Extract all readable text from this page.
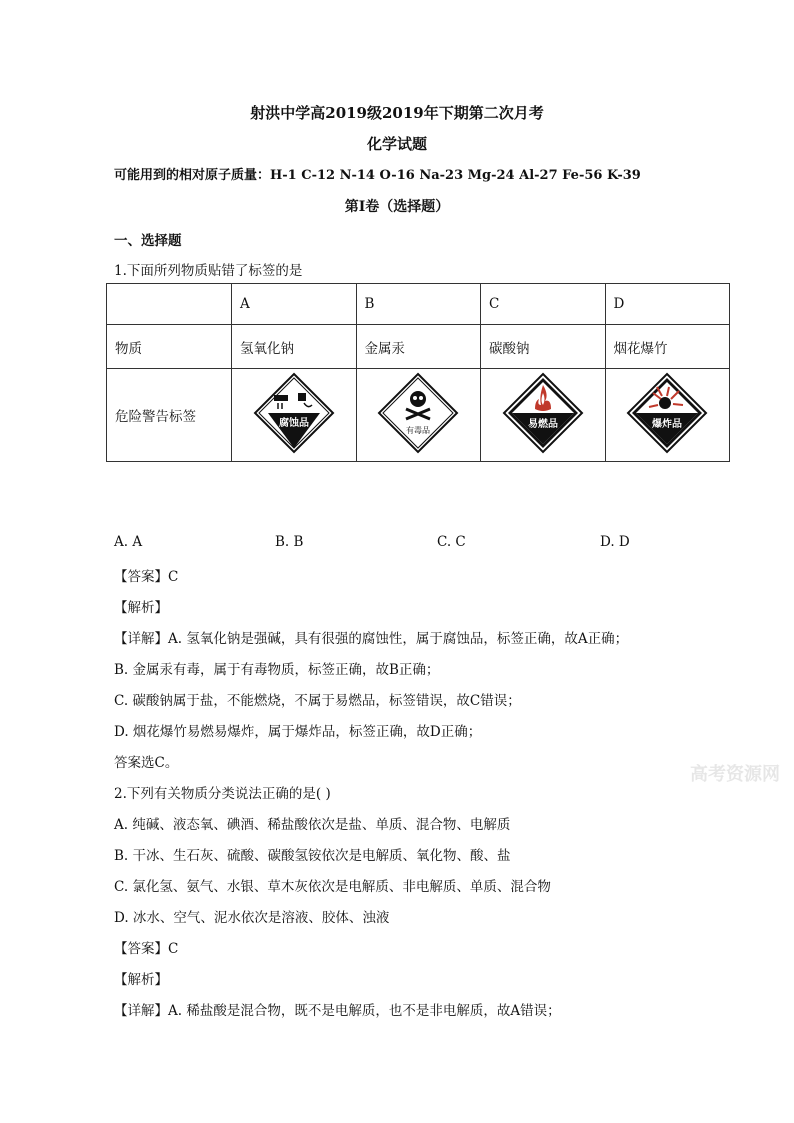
射洪中学高2019级2019年下期第二次月考
化学试题
可能用到的相对原子质量：H-1 C-12 N-14 O-16 Na-23 Mg-24 Al-27 Fe-56 K-39
第Ⅰ卷（选择题）
一、选择题
1.下面所列物质贴错了标签的是
	A	B	C	D
物质	氢氧化钠	金属汞	碳酸钠	烟花爆竹
危险警告标签	腐蚀品	有毒品	易燃品	爆炸品
A. A	B. B	C. C	D. D
【答案】C
【解析】
【详解】A. 氢氧化钠是强碱，具有很强的腐蚀性，属于腐蚀品，标签正确，故A正确；
B. 金属汞有毒，属于有毒物质，标签正确，故B正确；
C. 碳酸钠属于盐，不能燃烧，不属于易燃品，标签错误，故C错误；
D. 烟花爆竹易燃易爆炸，属于爆炸品，标签正确，故D正确；
答案选C。
高考资源网
2.下列有关物质分类说法正确的是( )
A. 纯碱、液态氧、碘酒、稀盐酸依次是盐、单质、混合物、电解质
B. 干冰、生石灰、硫酸、碳酸氢铵依次是电解质、氧化物、酸、盐
C. 氯化氢、氨气、水银、草木灰依次是电解质、非电解质、单质、混合物
D. 冰水、空气、泥水依次是溶液、胶体、浊液
【答案】C
【解析】
【详解】A. 稀盐酸是混合物，既不是电解质，也不是非电解质，故A错误；
